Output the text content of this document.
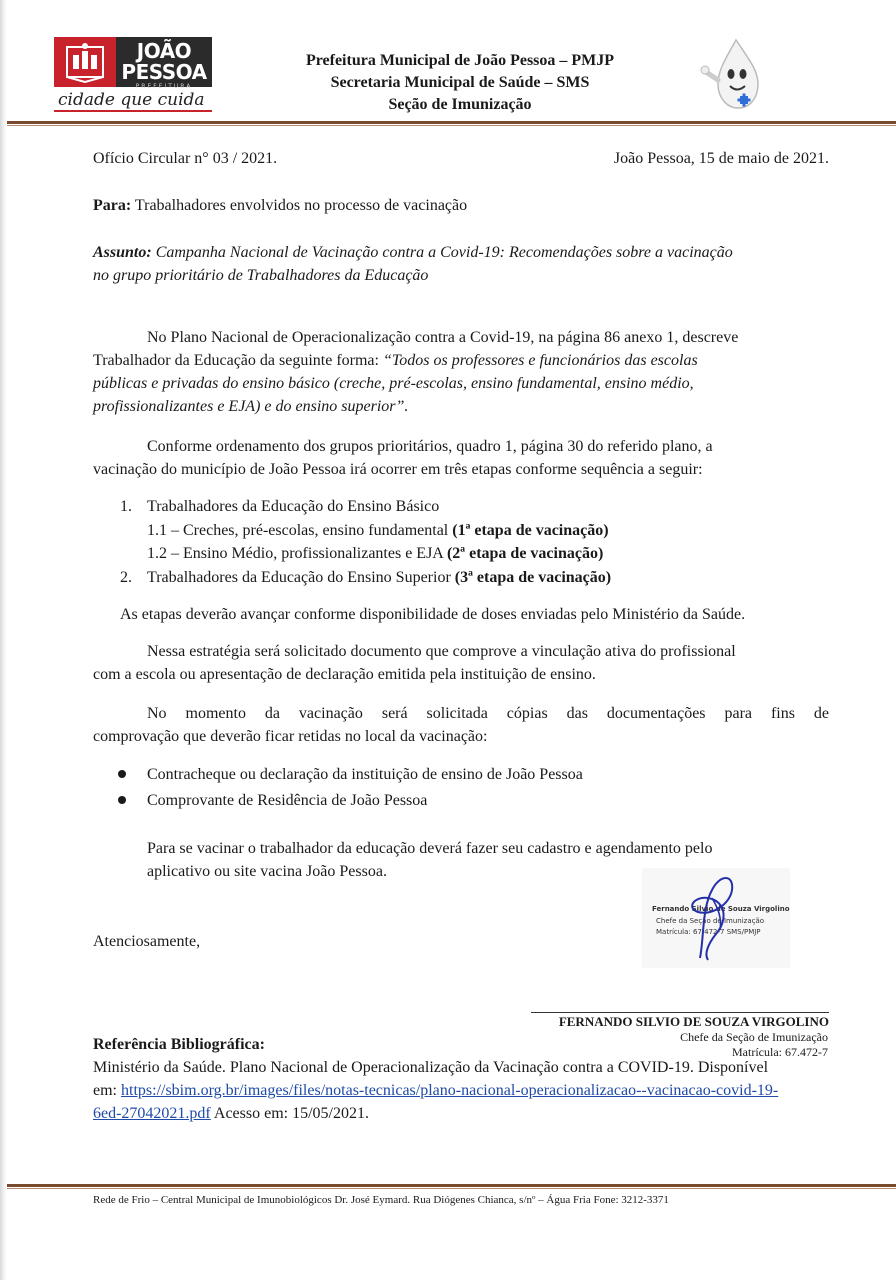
JOÃO
PESSOA
PREFEITURA
cidade que cuida
Prefeitura Municipal de João Pessoa – PMJP
Secretaria Municipal de Saúde – SMS
Seção de Imunização
Ofício Circular n° 03 / 2021.	João Pessoa, 15 de maio de 2021.
Para: Trabalhadores envolvidos no processo de vacinação
Assunto: Campanha Nacional de Vacinação contra a Covid-19: Recomendações sobre a vacinação
no grupo prioritário de Trabalhadores da Educação
No Plano Nacional de Operacionalização contra a Covid-19, na página 86 anexo 1, descreve
Trabalhador da Educação da seguinte forma: “Todos os professores e funcionários das escolas
públicas e privadas do ensino básico (creche, pré-escolas, ensino fundamental, ensino médio,
profissionalizantes e EJA) e do ensino superior”.
Conforme ordenamento dos grupos prioritários, quadro 1, página 30 do referido plano, a
vacinação do município de João Pessoa irá ocorrer em três etapas conforme sequência a seguir:
1. Trabalhadores da Educação do Ensino Básico
1.1 – Creches, pré-escolas, ensino fundamental (1ª etapa de vacinação)
1.2 – Ensino Médio, profissionalizantes e EJA (2ª etapa de vacinação)
2. Trabalhadores da Educação do Ensino Superior (3ª etapa de vacinação)
As etapas deverão avançar conforme disponibilidade de doses enviadas pelo Ministério da Saúde.
Nessa estratégia será solicitado documento que comprove a vinculação ativa do profissional
com a escola ou apresentação de declaração emitida pela instituição de ensino.
No momento da vacinação será solicitada cópias das documentações para fins de
comprovação que deverão ficar retidas no local da vacinação:
Contracheque ou declaração da instituição de ensino de João Pessoa
Comprovante de Residência de João Pessoa
Para se vacinar o trabalhador da educação deverá fazer seu cadastro e agendamento pelo
aplicativo ou site vacina João Pessoa.
Atenciosamente,
Fernando Silvio de Souza Virgolino
Chefe da Seção de Imunização
Matrícula: 67.472-7 SMS/PMJP
FERNANDO SILVIO DE SOUZA VIRGOLINO
Chefe da Seção de Imunização
Matrícula: 67.472-7
Referência Bibliográfica:
Ministério da Saúde. Plano Nacional de Operacionalização da Vacinação contra a COVID-19. Disponível
em: https://sbim.org.br/images/files/notas-tecnicas/plano-nacional-operacionalizacao--vacinacao-covid-19-
6ed-27042021.pdf Acesso em: 15/05/2021.
Rede de Frio – Central Municipal de Imunobiológicos Dr. José Eymard. Rua Diógenes Chianca, s/nº – Água Fria Fone: 3212-3371
